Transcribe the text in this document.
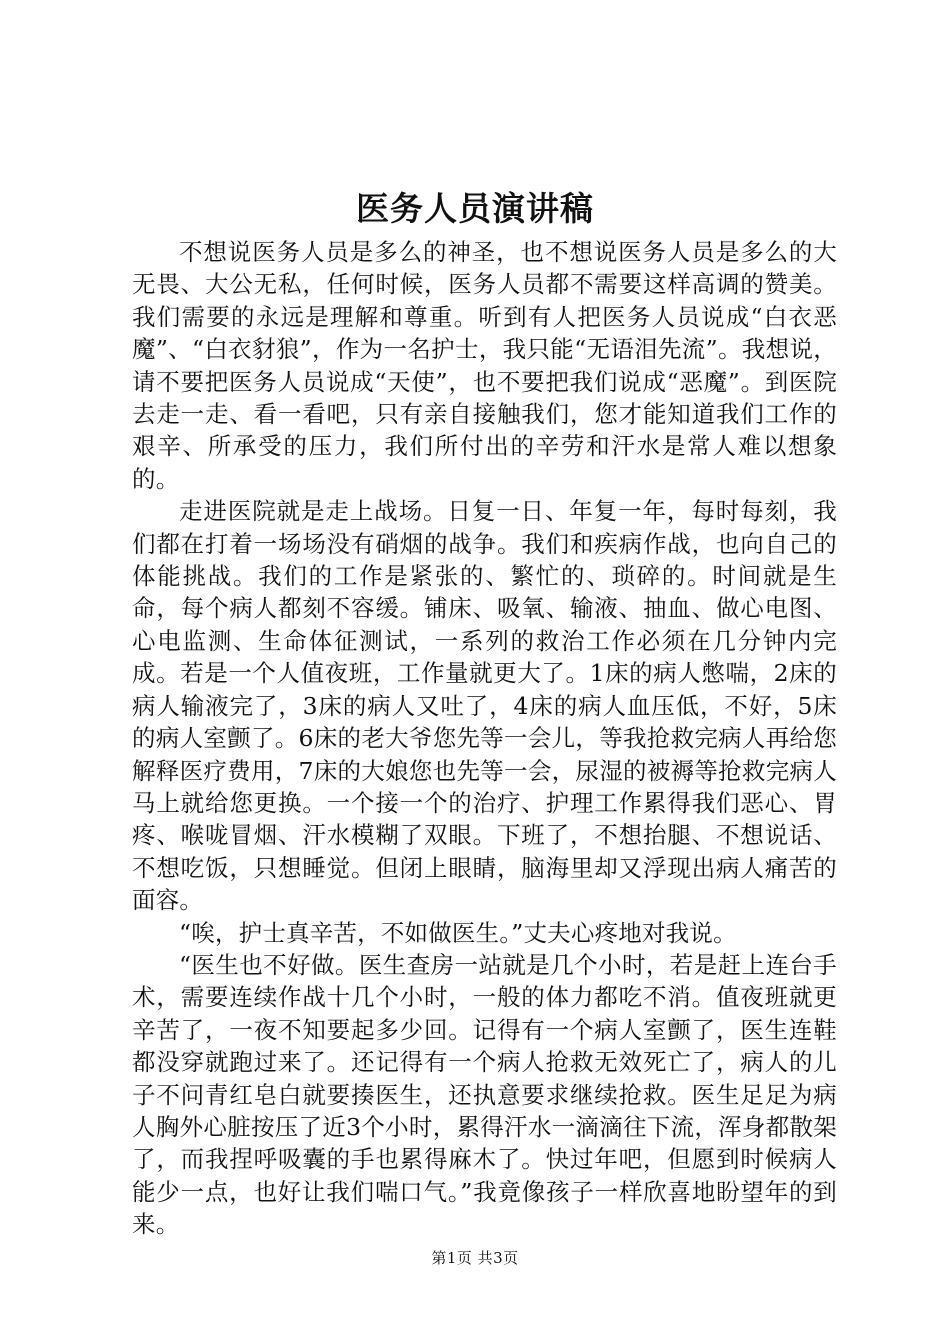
医务人员演讲稿

不想说医务人员是多么的神圣，也不想说医务人员是多么的大无畏、大公无私，任何时候，医务人员都不需要这样高调的赞美。我们需要的永远是理解和尊重。听到有人把医务人员说成“白衣恶魔”、“白衣豺狼”，作为一名护士，我只能“无语泪先流”。我想说，请不要把医务人员说成“天使”，也不要把我们说成“恶魔”。到医院去走一走、看一看吧，只有亲自接触我们，您才能知道我们工作的艰辛、所承受的压力，我们所付出的辛劳和汗水是常人难以想象的。

走进医院就是走上战场。日复一日、年复一年，每时每刻，我们都在打着一场场没有硝烟的战争。我们和疾病作战，也向自己的体能挑战。我们的工作是紧张的、繁忙的、琐碎的。时间就是生命，每个病人都刻不容缓。铺床、吸氧、输液、抽血、做心电图、心电监测、生命体征测试，一系列的救治工作必须在几分钟内完成。若是一个人值夜班，工作量就更大了。1床的病人憋喘，2床的病人输液完了，3床的病人又吐了，4床的病人血压低，不好，5床的病人室颤了。6床的老大爷您先等一会儿，等我抢救完病人再给您解释医疗费用，7床的大娘您也先等一会，尿湿的被褥等抢救完病人马上就给您更换。一个接一个的治疗、护理工作累得我们恶心、胃疼、喉咙冒烟、汗水模糊了双眼。下班了，不想抬腿、不想说话、不想吃饭，只想睡觉。但闭上眼睛，脑海里却又浮现出病人痛苦的面容。

“唉，护士真辛苦，不如做医生。”丈夫心疼地对我说。

“医生也不好做。医生查房一站就是几个小时，若是赶上连台手术，需要连续作战十几个小时，一般的体力都吃不消。值夜班就更辛苦了，一夜不知要起多少回。记得有一个病人室颤了，医生连鞋都没穿就跑过来了。还记得有一个病人抢救无效死亡了，病人的儿子不问青红皂白就要揍医生，还执意要求继续抢救。医生足足为病人胸外心脏按压了近3个小时，累得汗水一滴滴往下流，浑身都散架了，而我捏呼吸囊的手也累得麻木了。快过年吧，但愿到时候病人能少一点，也好让我们喘口气。”我竟像孩子一样欣喜地盼望年的到来。

第1页 共3页
